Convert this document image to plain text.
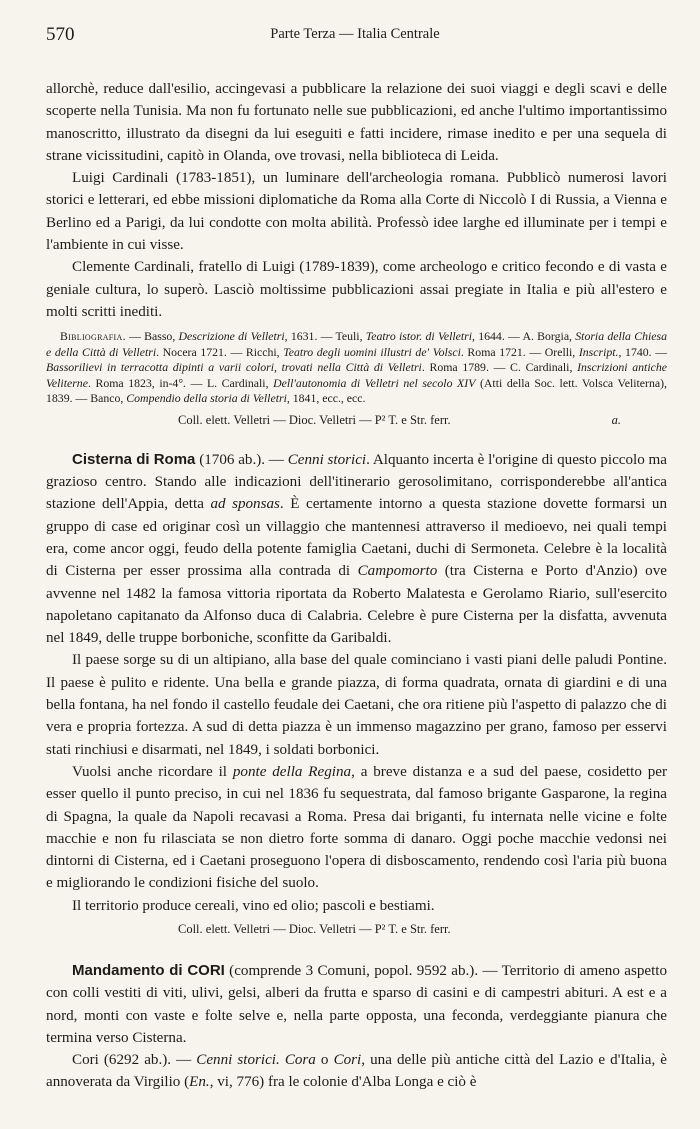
570	Parte Terza — Italia Centrale

allorchè, reduce dall'esilio, accingevasi a pubblicare la relazione dei suoi viaggi e degli scavi e delle scoperte nella Tunisia. Ma non fu fortunato nelle sue pubblicazioni, ed anche l'ultimo importantissimo manoscritto, illustrato da disegni da lui eseguiti e fatti incidere, rimase inedito e per una sequela di strane vicissitudini, capitò in Olanda, ove trovasi, nella biblioteca di Leida.

Luigi Cardinali (1783-1851), un luminare dell'archeologia romana. Pubblicò numerosi lavori storici e letterari, ed ebbe missioni diplomatiche da Roma alla Corte di Niccolò I di Russia, a Vienna e Berlino ed a Parigi, da lui condotte con molta abilità. Professò idee larghe ed illuminate per i tempi e l'ambiente in cui visse.

Clemente Cardinali, fratello di Luigi (1789-1839), come archeologo e critico fecondo e di vasta e geniale cultura, lo superò. Lasciò moltissime pubblicazioni assai pregiate in Italia e più all'estero e molti scritti inediti.

Bibliografia. — Basso, Descrizione di Velletri, 1631. — Teuli, Teatro istor. di Velletri, 1644. — A. Borgia, Storia della Chiesa e della Città di Velletri. Nocera 1721. — Ricchi, Teatro degli uomini illustri de' Volsci. Roma 1721. — Orelli, Inscript., 1740. — Bassorilievi in terracotta dipinti a varii colori, trovati nella Città di Velletri. Roma 1789. — C. Cardinali, Inscrizioni antiche Veliterne. Roma 1823, in-4°. — L. Cardinali, Dell'autonomia di Velletri nel secolo XIV (Atti della Soc. lett. Volsca Veliterna), 1839. — Banco, Compendio della storia di Velletri, 1841, ecc., ecc.

Coll. elett. Velletri — Dioc. Velletri — P² T. e Str. ferr.	a.

Cisterna di Roma (1706 ab.). — Cenni storici. Alquanto incerta è l'origine di questo piccolo ma grazioso centro. Stando alle indicazioni dell'itinerario gerosolimitano, corrisponderebbe all'antica stazione dell'Appia, detta ad sponsas. È certamente intorno a questa stazione dovette formarsi un gruppo di case ed originar così un villaggio che mantennesi attraverso il medioevo, nei quali tempi era, come ancor oggi, feudo della potente famiglia Caetani, duchi di Sermoneta. Celebre è la località di Cisterna per esser prossima alla contrada di Campomorto (tra Cisterna e Porto d'Anzio) ove avvenne nel 1482 la famosa vittoria riportata da Roberto Malatesta e Gerolamo Riario, sull'esercito napoletano capitanato da Alfonso duca di Calabria. Celebre è pure Cisterna per la disfatta, avvenuta nel 1849, delle truppe borboniche, sconfitte da Garibaldi.

Il paese sorge su di un altipiano, alla base del quale cominciano i vasti piani delle paludi Pontine. Il paese è pulito e ridente. Una bella e grande piazza, di forma quadrata, ornata di giardini e di una bella fontana, ha nel fondo il castello feudale dei Caetani, che ora ritiene più l'aspetto di palazzo che di vera e propria fortezza. A sud di detta piazza è un immenso magazzino per grano, famoso per esservi stati rinchiusi e disarmati, nel 1849, i soldati borbonici.

Vuolsi anche ricordare il ponte della Regina, a breve distanza e a sud del paese, cosidetto per esser quello il punto preciso, in cui nel 1836 fu sequestrata, dal famoso brigante Gasparone, la regina di Spagna, la quale da Napoli recavasi a Roma. Presa dai briganti, fu internata nelle vicine e folte macchie e non fu rilasciata se non dietro forte somma di danaro. Oggi poche macchie vedonsi nei dintorni di Cisterna, ed i Caetani proseguono l'opera di disboscamento, rendendo così l'aria più buona e migliorando le condizioni fisiche del suolo.

Il territorio produce cereali, vino ed olio; pascoli e bestiami.

Coll. elett. Velletri — Dioc. Velletri — P² T. e Str. ferr.

Mandamento di CORI (comprende 3 Comuni, popol. 9592 ab.). — Territorio di ameno aspetto con colli vestiti di viti, ulivi, gelsi, alberi da frutta e sparso di casini e di campestri abituri. A est e a nord, monti con vaste e folte selve e, nella parte opposta, una feconda, verdeggiante pianura che termina verso Cisterna.

Cori (6292 ab.). — Cenni storici. Cora o Cori, una delle più antiche città del Lazio e d'Italia, è annoverata da Virgilio (En., vi, 776) fra le colonie d'Alba Longa e ciò è
